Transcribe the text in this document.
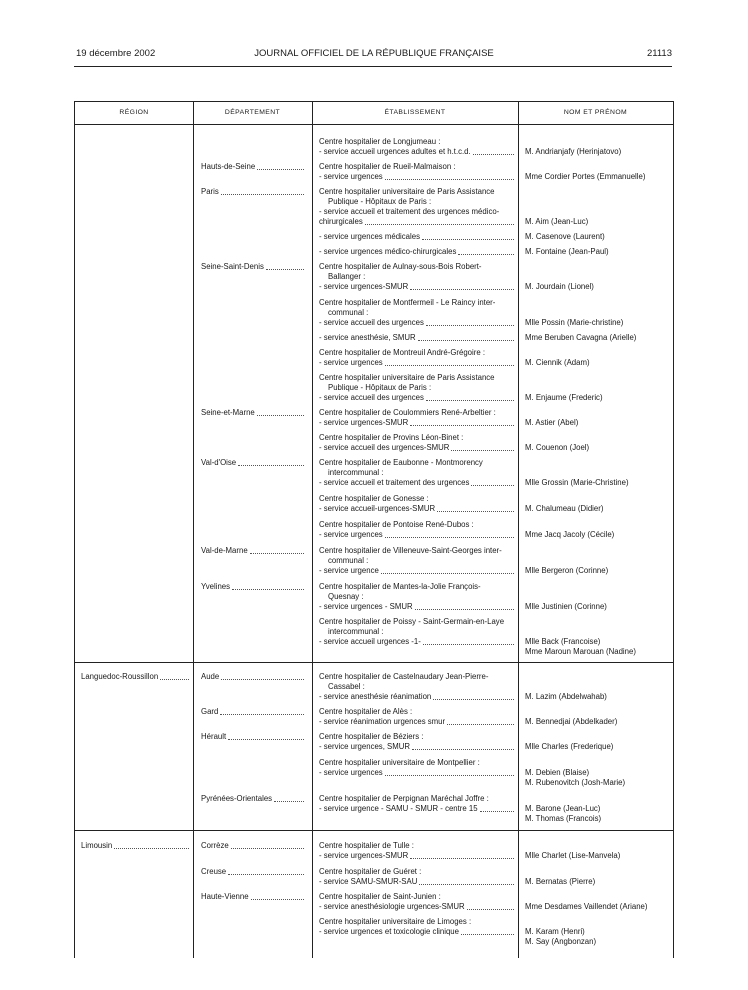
19 décembre 2002	JOURNAL OFFICIEL DE LA RÉPUBLIQUE FRANÇAISE	21113
RÉGION	DÉPARTEMENT	ÉTABLISSEMENT	NOM ET PRÉNOM
Centre hospitalier de Longjumeau :
- service accueil urgences adultes et h.t.c.d.	M. Andrianjafy (Herinjatovo)
Hauts-de-Seine	Centre hospitalier de Rueil-Malmaison :
- service urgences	Mme Cordier Portes (Emmanuelle)
Paris	Centre hospitalier universitaire de Paris Assistance
Publique - Hôpitaux de Paris :
- service accueil et traitement des urgences médico-
chirurgicales	M. Aim (Jean-Luc)
- service urgences médicales	M. Casenove (Laurent)
- service urgences médico-chirurgicales	M. Fontaine (Jean-Paul)
Seine-Saint-Denis	Centre hospitalier de Aulnay-sous-Bois Robert-
Ballanger :
- service urgences-SMUR	M. Jourdain (Lionel)
Centre hospitalier de Montfermeil - Le Raincy inter-
communal :
- service accueil des urgences	Mlle Possin (Marie-christine)
- service anesthésie, SMUR	Mme Beruben Cavagna (Arielle)
Centre hospitalier de Montreuil André-Grégoire :
- service urgences	M. Ciennik (Adam)
Centre hospitalier universitaire de Paris Assistance
Publique - Hôpitaux de Paris :
- service accueil des urgences	M. Enjaume (Frederic)
Seine-et-Marne	Centre hospitalier de Coulommiers René-Arbeltier :
- service urgences-SMUR	M. Astier (Abel)
Centre hospitalier de Provins Léon-Binet :
- service accueil des urgences-SMUR	M. Couenon (Joel)
Val-d'Oise	Centre hospitalier de Eaubonne - Montmorency
intercommunal :
- service accueil et traitement des urgences	Mlle Grossin (Marie-Christine)
Centre hospitalier de Gonesse :
- service accueil-urgences-SMUR	M. Chalumeau (Didier)
Centre hospitalier de Pontoise René-Dubos :
- service urgences	Mme Jacq Jacoly (Cécile)
Val-de-Marne	Centre hospitalier de Villeneuve-Saint-Georges inter-
communal :
- service urgence	Mlle Bergeron (Corinne)
Yvelines	Centre hospitalier de Mantes-la-Jolie François-
Quesnay :
- service urgences - SMUR	Mlle Justinien (Corinne)
Centre hospitalier de Poissy - Saint-Germain-en-Laye
intercommunal :
- service accueil urgences -1-	Mlle Back (Francoise)
Mme Maroun Marouan (Nadine)
Languedoc-Roussillon	Aude	Centre hospitalier de Castelnaudary Jean-Pierre-
Cassabel :
- service anesthésie réanimation	M. Lazim (Abdelwahab)
Gard	Centre hospitalier de Alès :
- service réanimation urgences smur	M. Bennedjai (Abdelkader)
Hérault	Centre hospitalier de Béziers :
- service urgences, SMUR	Mlle Charles (Frederique)
Centre hospitalier universitaire de Montpellier :
- service urgences	M. Debien (Blaise)
M. Rubenovitch (Josh-Marie)
Pyrénées-Orientales	Centre hospitalier de Perpignan Maréchal Joffre :
- service urgence - SAMU - SMUR - centre 15	M. Barone (Jean-Luc)
M. Thomas (Francois)
Limousin	Corrèze	Centre hospitalier de Tulle :
- service urgences-SMUR	Mlle Charlet (Lise-Manvela)
Creuse	Centre hospitalier de Guéret :
- service SAMU-SMUR-SAU	M. Bernatas (Pierre)
Haute-Vienne	Centre hospitalier de Saint-Junien :
- service anesthésiologie urgences-SMUR	Mme Desdames Vaillendet (Ariane)
Centre hospitalier universitaire de Limoges :
- service urgences et toxicologie clinique	M. Karam (Henri)
M. Say (Angbonzan)
